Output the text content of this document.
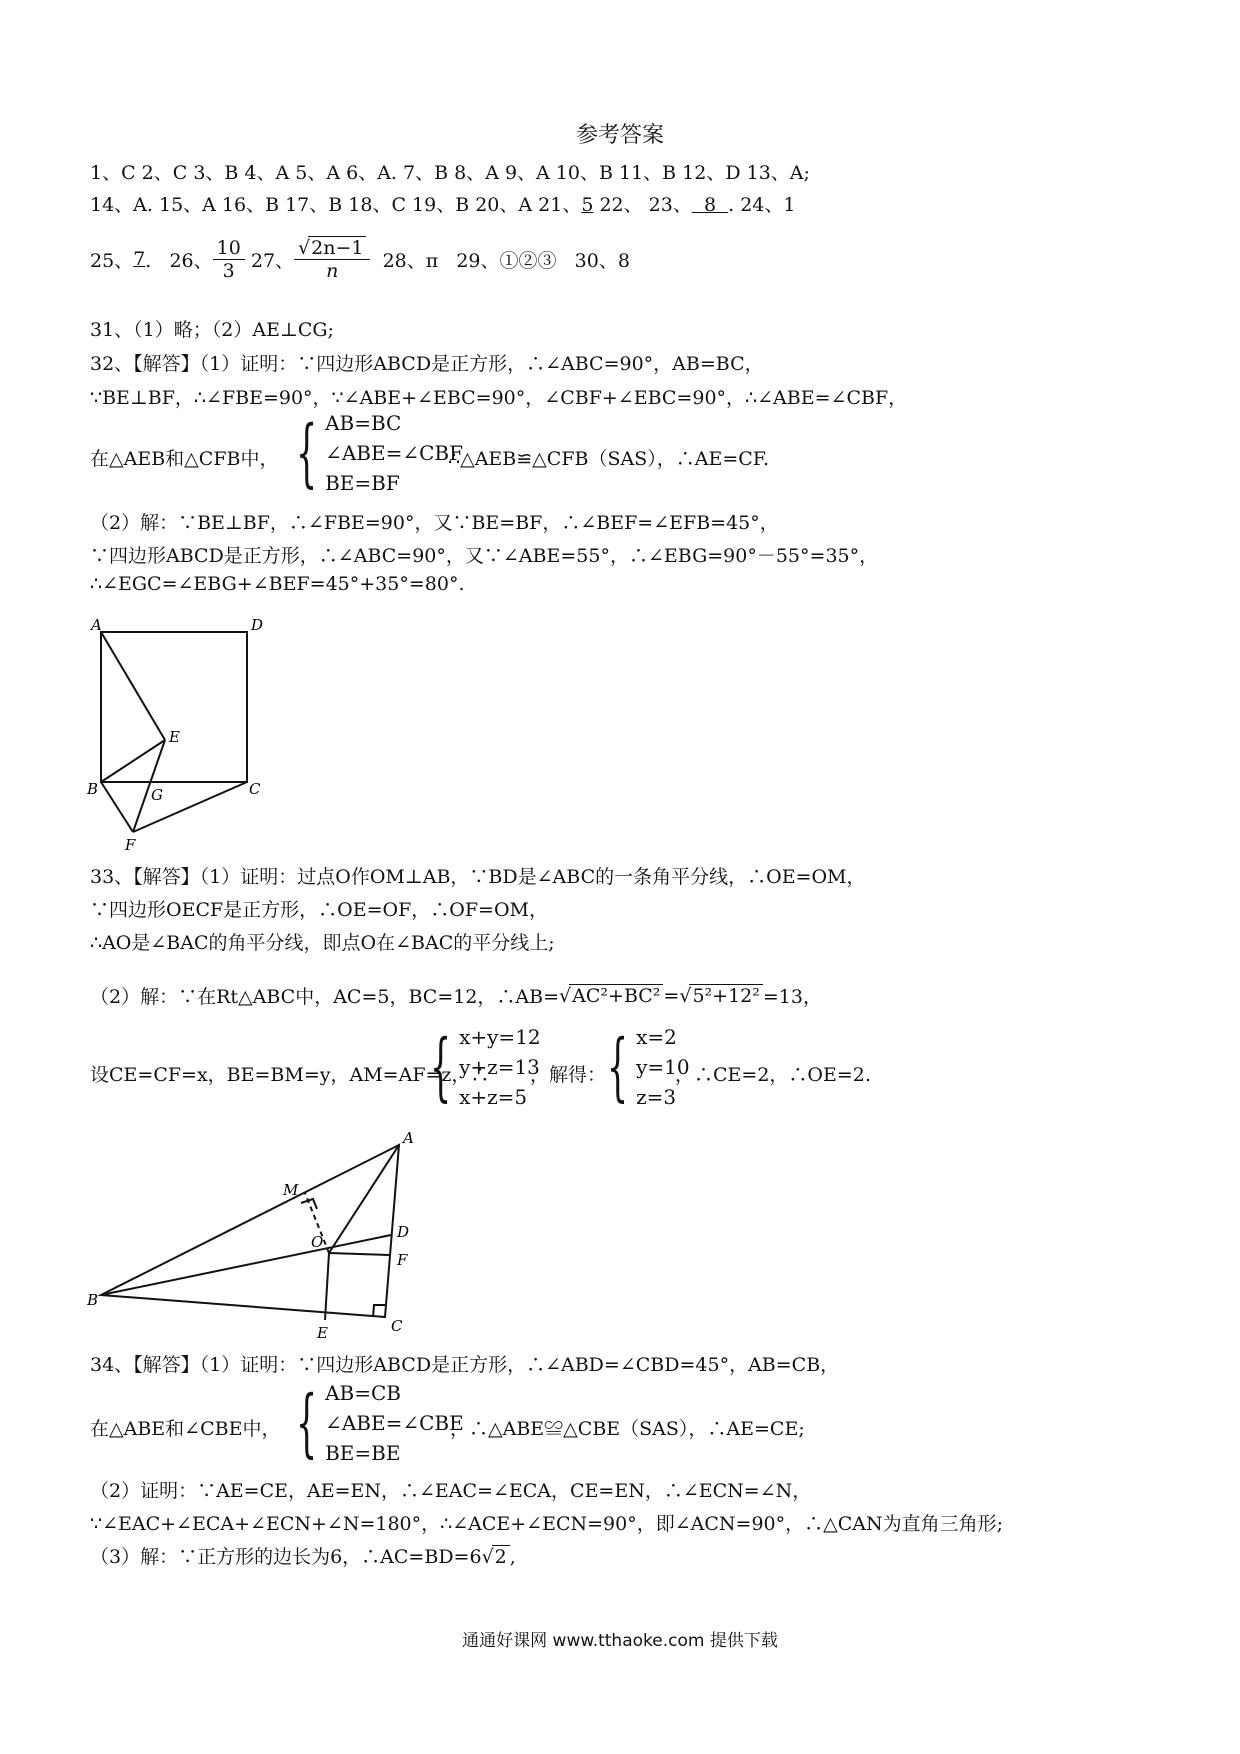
参考答案
1、C 2、C 3、B 4、A 5、A 6、A. 7、B 8、A 9、A 10、B 11、B 12、D 13、A;
14、A. 15、A 16、B 17、B 18、C 19、B 20、A 21、5 22、 23、  8  . 24、1
25、 7 .   26、 $\frac{10}{3} 27$、 $\frac{√2n-1}{n} 28$、π   29、①②③   30、8
31、（1）略；（2）AE⊥CG;
32、【解答】（1）证明：∵四边形ABCD是正方形，∴∠ABC=90°，AB=BC，
∵BE⊥BF，∴∠FBE=90°，∵∠ABE+∠EBC=90°，∠CBF+∠EBC=90°，∴∠ABE=∠CBF，
在△AEB和△CFB中， { AB=BC
∠ABE=∠CBF
BE=BF
∴△AEB≌△CFB（SAS），∴AE=CF.
（2）解：∵BE⊥BF，∴∠FBE=90°，又∵BE=BF，∴∠BEF=∠EFB=45°，
∵四边形ABCD是正方形，∴∠ABC=90°，又∵∠ABE=55°，∴∠EBG=90°－55°=35°，
∴∠EGC=∠EBG+∠BEF=45°+35°=80°.
A	D
E
B	G	C
F
33、【解答】（1）证明：过点O作OM⊥AB，∵BD是∠ABC的一条角平分线，∴OE=OM，
∵四边形OECF是正方形，∴OE=OF，∴OF=OM，
∴AO是∠BAC的角平分线，即点O在∠BAC的平分线上;
（2）解：∵在Rt△ABC中，AC=5，BC=12，∴AB= √AC²+BC² = √5²+12² =13，
设CE=CF=x，BE=BM=y，AM=AF=z，∴
{ x+y=12
y+z=13
x+z=5
，解得： { x=2
y=10
z=3
，∴CE=2，∴OE=2.
A
M
O
D
F
B
E	C
34、【解答】（1）证明：∵四边形ABCD是正方形，∴∠ABD=∠CBD=45°，AB=CB，
在△ABE和∠CBE中， { AB=CB
∠ABE=∠CBE
BE=BE
，∴△ABE≌△CBE（SAS），∴AE=CE;
（2）证明：∵AE=CE，AE=EN，∴∠EAC=∠ECA，CE=EN，∴∠ECN=∠N，
∵∠EAC+∠ECA+∠ECN+∠N=180°，∴∠ACE+∠ECN=90°，即∠ACN=90°，∴△CAN为直角三角形;
（3）解：∵正方形的边长为6，∴AC=BD=6√2 ,
通通好课网 www.tthaoke.com 提供下载
